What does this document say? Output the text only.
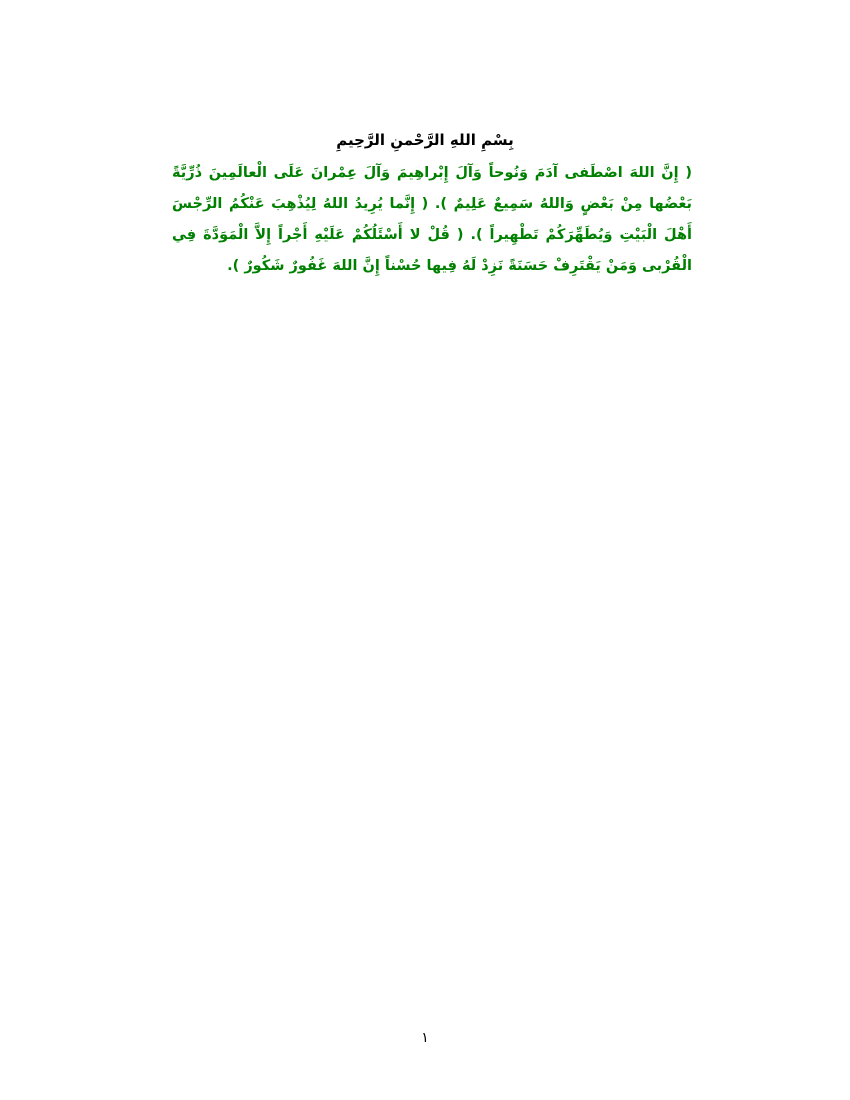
بِسْمِ اللهِ الرَّحْمنِ الرَّحِيمِ
( إِنَّ اللهَ اصْطَفى آدَمَ وَنُوحاً وَآلَ إِبْراهِيمَ وَآلَ عِمْرانَ عَلَى الْعالَمِينَ ذُرِّيَّةً بَعْضُها مِنْ بَعْضٍ وَاللهُ سَمِيعٌ عَلِيمٌ ). ( إِنَّما يُرِيدُ اللهُ لِيُذْهِبَ عَنْكُمُ الرِّجْسَ أَهْلَ الْبَيْتِ وَيُطَهِّرَكُمْ تَطْهِيراً ). ( قُلْ لا أَسْئَلُكُمْ عَلَيْهِ أَجْراً إِلاَّ الْمَوَدَّةَ فِي الْقُرْبى وَمَنْ يَقْتَرِفْ حَسَنَةً نَزِدْ لَهُ فِيها حُسْناً إِنَّ اللهَ غَفُورٌ شَكُورٌ ).
١
